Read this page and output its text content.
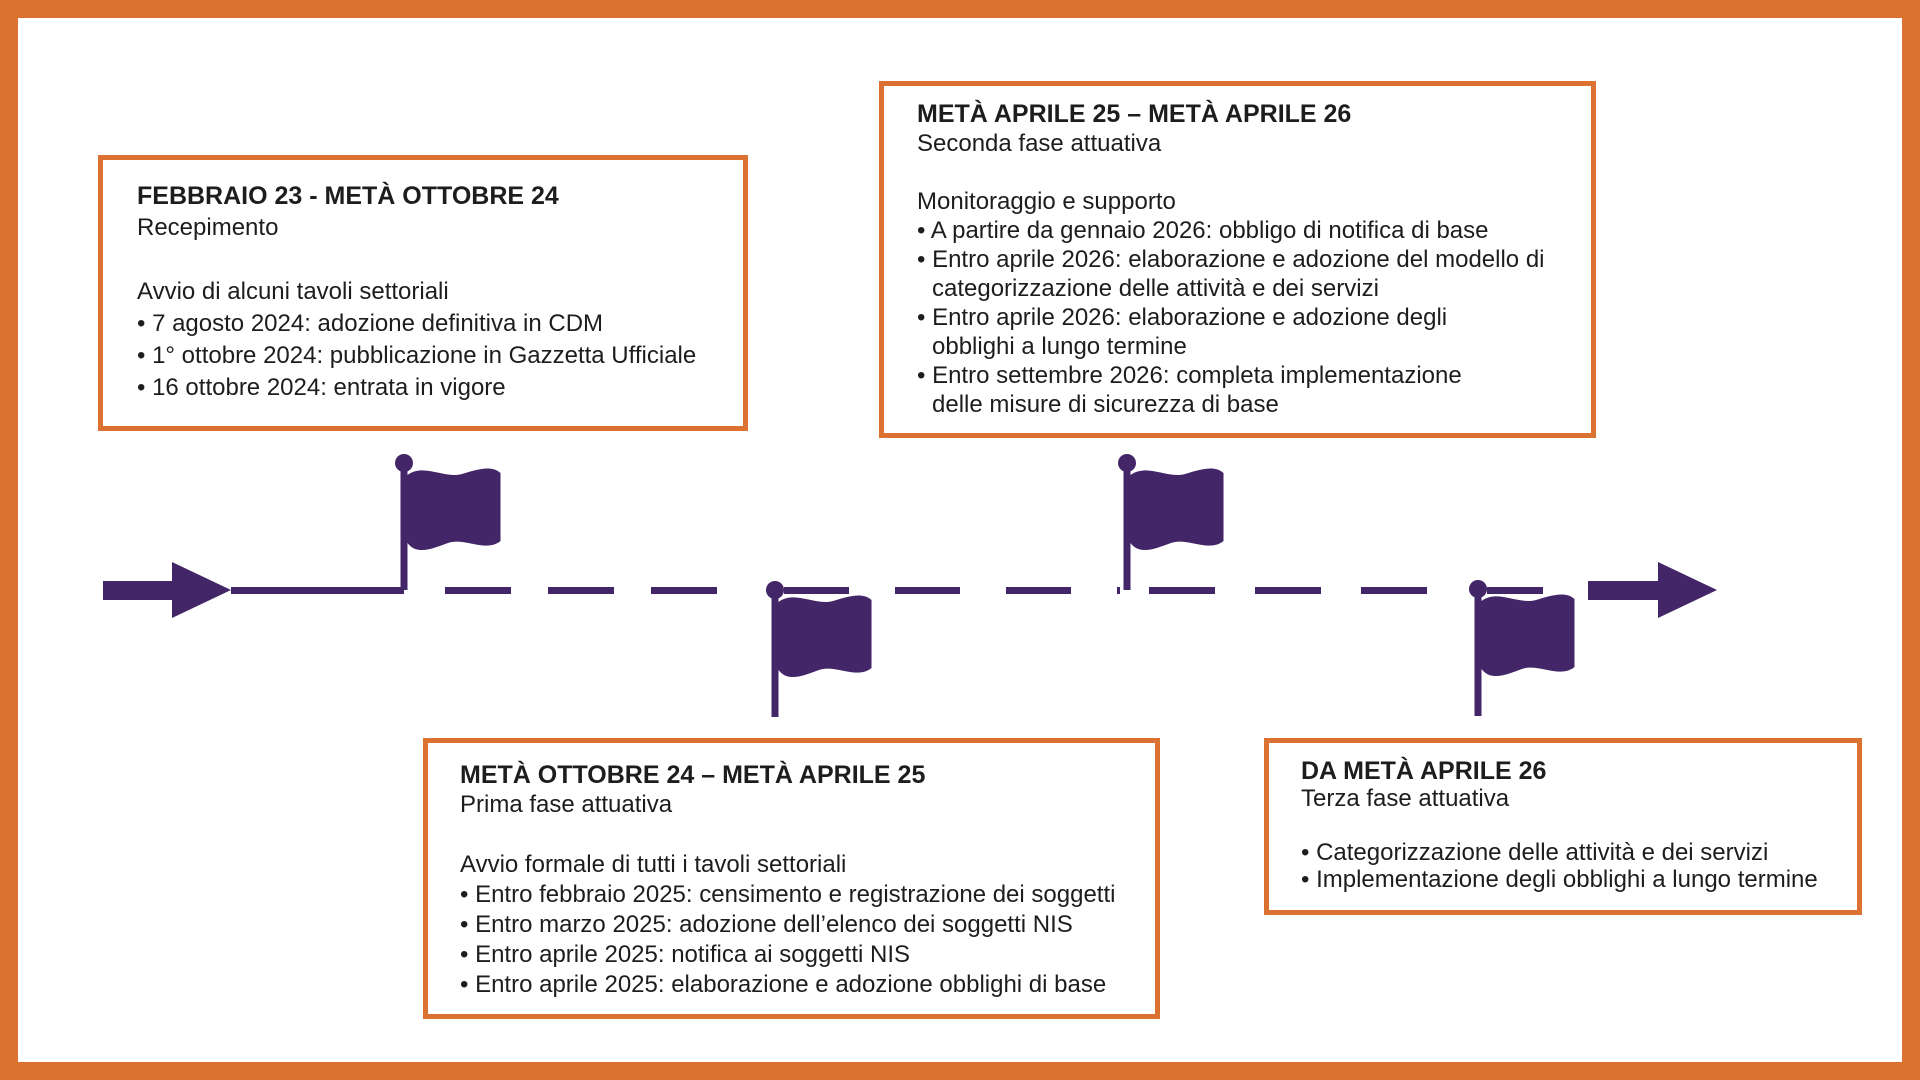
FEBBRAIO 23 - METÀ OTTOBRE 24
Recepimento
Avvio di alcuni tavoli settoriali
• 7 agosto 2024: adozione definitiva in CDM
• 1° ottobre 2024: pubblicazione in Gazzetta Ufficiale
• 16 ottobre 2024: entrata in vigore
METÀ APRILE 25 – METÀ APRILE 26
Seconda fase attuativa
Monitoraggio e supporto
• A partire da gennaio 2026: obbligo di notifica di base
• Entro aprile 2026: elaborazione e adozione del modello di
categorizzazione delle attività e dei servizi
• Entro aprile 2026: elaborazione e adozione degli
obblighi a lungo termine
• Entro settembre 2026: completa implementazione
delle misure di sicurezza di base
METÀ OTTOBRE 24 – METÀ APRILE 25
Prima fase attuativa
Avvio formale di tutti i tavoli settoriali
• Entro febbraio 2025: censimento e registrazione dei soggetti
• Entro marzo 2025: adozione dell’elenco dei soggetti NIS
• Entro aprile 2025: notifica ai soggetti NIS
• Entro aprile 2025: elaborazione e adozione obblighi di base
DA METÀ APRILE 26
Terza fase attuativa
• Categorizzazione delle attività e dei servizi
• Implementazione degli obblighi a lungo termine
